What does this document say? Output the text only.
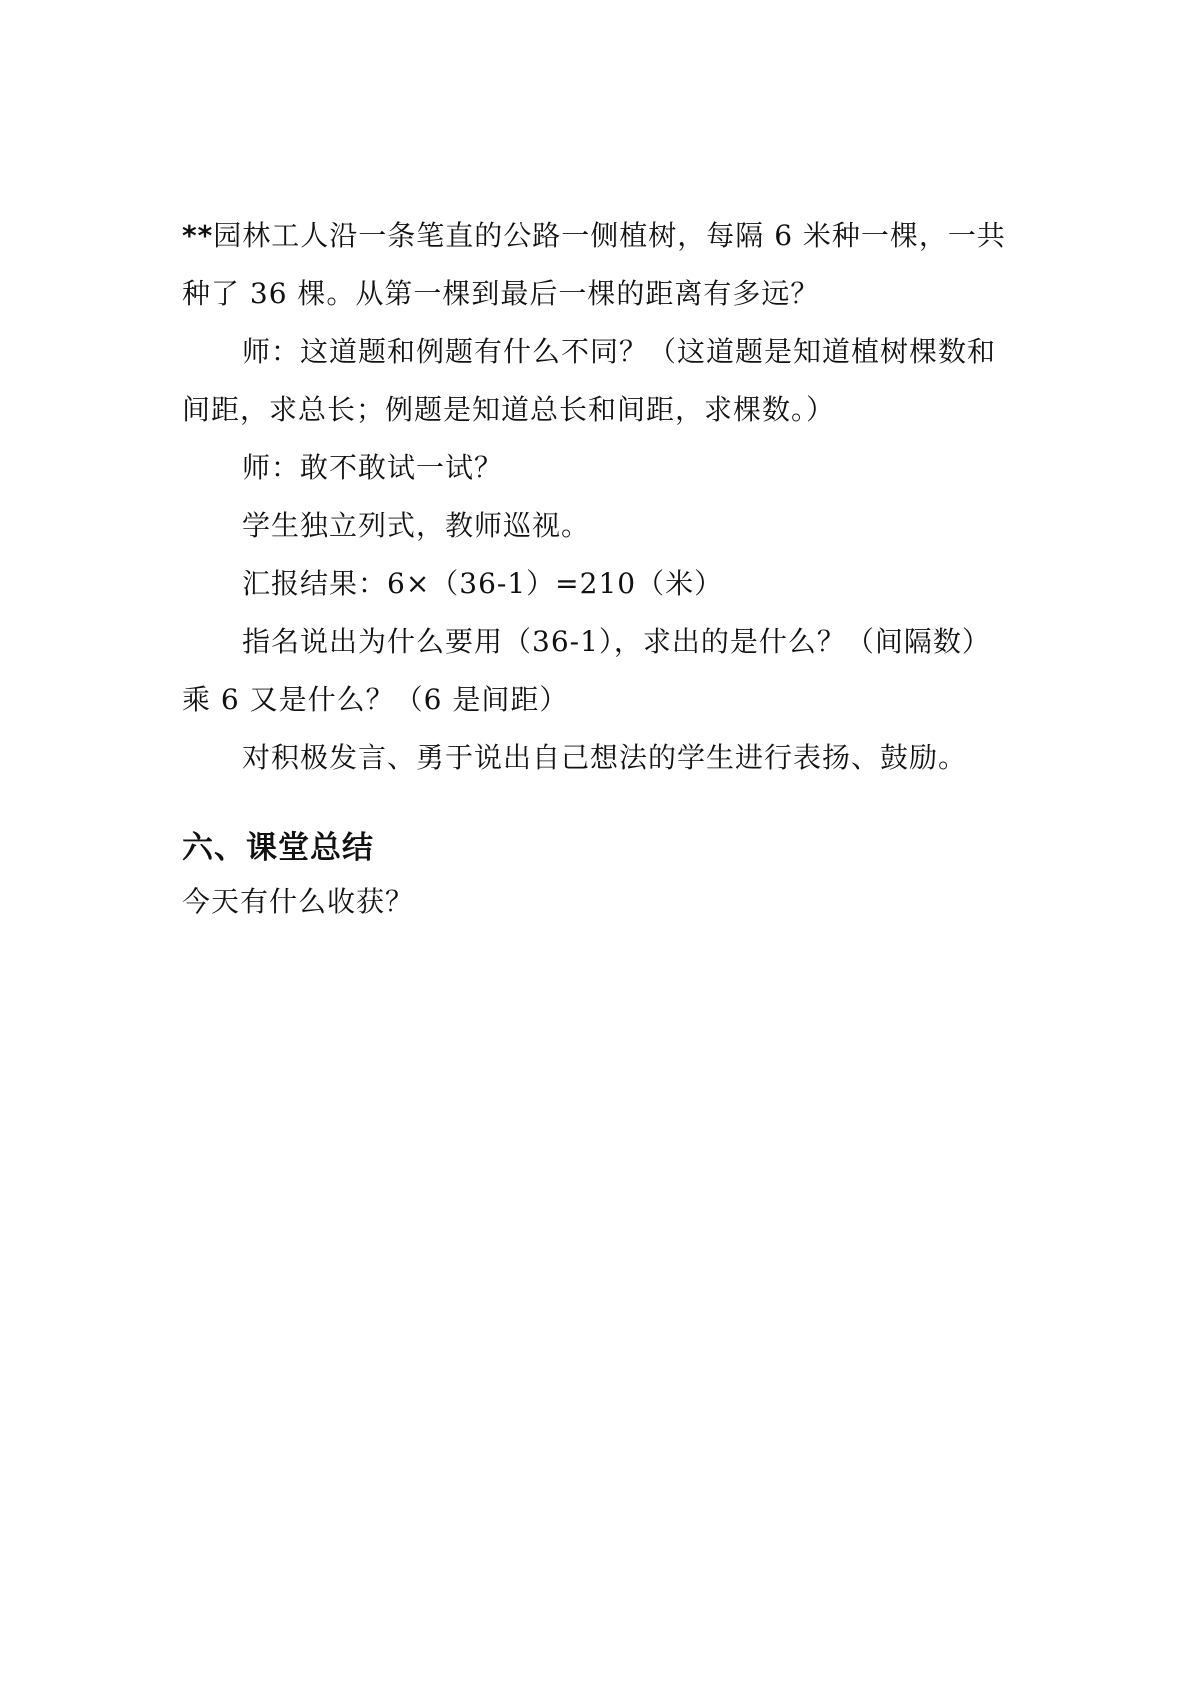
**园林工人沿一条笔直的公路一侧植树，每隔 6 米种一棵，一共
种了 36 棵。从第一棵到最后一棵的距离有多远？
师：这道题和例题有什么不同？（这道题是知道植树棵数和
间距，求总长；例题是知道总长和间距，求棵数。）
师：敢不敢试一试？
学生独立列式，教师巡视。
汇报结果：6×（36-1）=210（米）
指名说出为什么要用（36-1），求出的是什么？（间隔数）
乘 6 又是什么？（6 是间距）
对积极发言、勇于说出自己想法的学生进行表扬、鼓励。
六、课堂总结
今天有什么收获？
